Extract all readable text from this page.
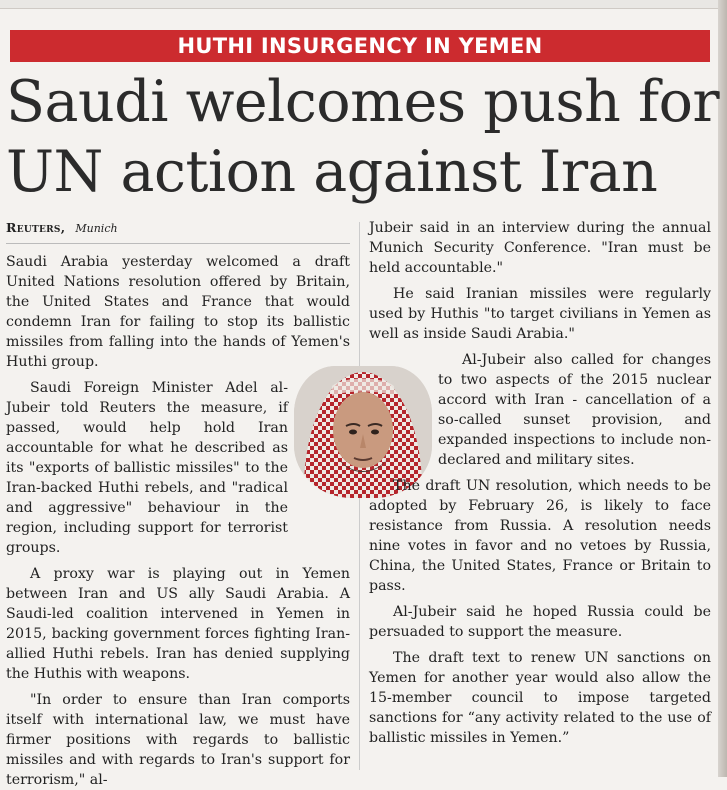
HUTHI INSURGENCY IN YEMEN
Saudi welcomes push for
UN action against Iran
Reuters, Munich

Saudi Arabia yesterday welcomed a draft United Nations resolution offered by Britain, the United States and France that would condemn Iran for failing to stop its ballistic missiles from falling into the hands of Yemen's Huthi group.

Saudi Foreign Minister Adel al-Jubeir told Reuters the measure, if passed, would help hold Iran accountable for what he described as its "exports of ballistic missiles" to the Iran-backed Huthi rebels, and "radical and aggressive" behaviour in the region, including support for terrorist groups.

A proxy war is playing out in Yemen between Iran and US ally Saudi Arabia. A Saudi-led coalition intervened in Yemen in 2015, backing government forces fighting Iran-allied Huthi rebels. Iran has denied supplying the Huthis with weapons.

"In order to ensure than Iran comports itself with international law, we must have firmer positions with regards to ballistic missiles and with regards to Iran's support for terrorism," al-

Jubeir said in an interview during the annual Munich Security Conference. "Iran must be held accountable."

He said Iranian missiles were regularly used by Huthis "to target civilians in Yemen as well as inside Saudi Arabia."

Al-Jubeir also called for changes to two aspects of the 2015 nuclear accord with Iran - cancellation of a so-called sunset provision, and expanded inspections to include non-declared and military sites.

The draft UN resolution, which needs to be adopted by February 26, is likely to face resistance from Russia. A resolution needs nine votes in favor and no vetoes by Russia, China, the United States, France or Britain to pass.

Al-Jubeir said he hoped Russia could be persuaded to support the measure.

The draft text to renew UN sanctions on Yemen for another year would also allow the 15-member council to impose targeted sanctions for “any activity related to the use of ballistic missiles in Yemen.”
